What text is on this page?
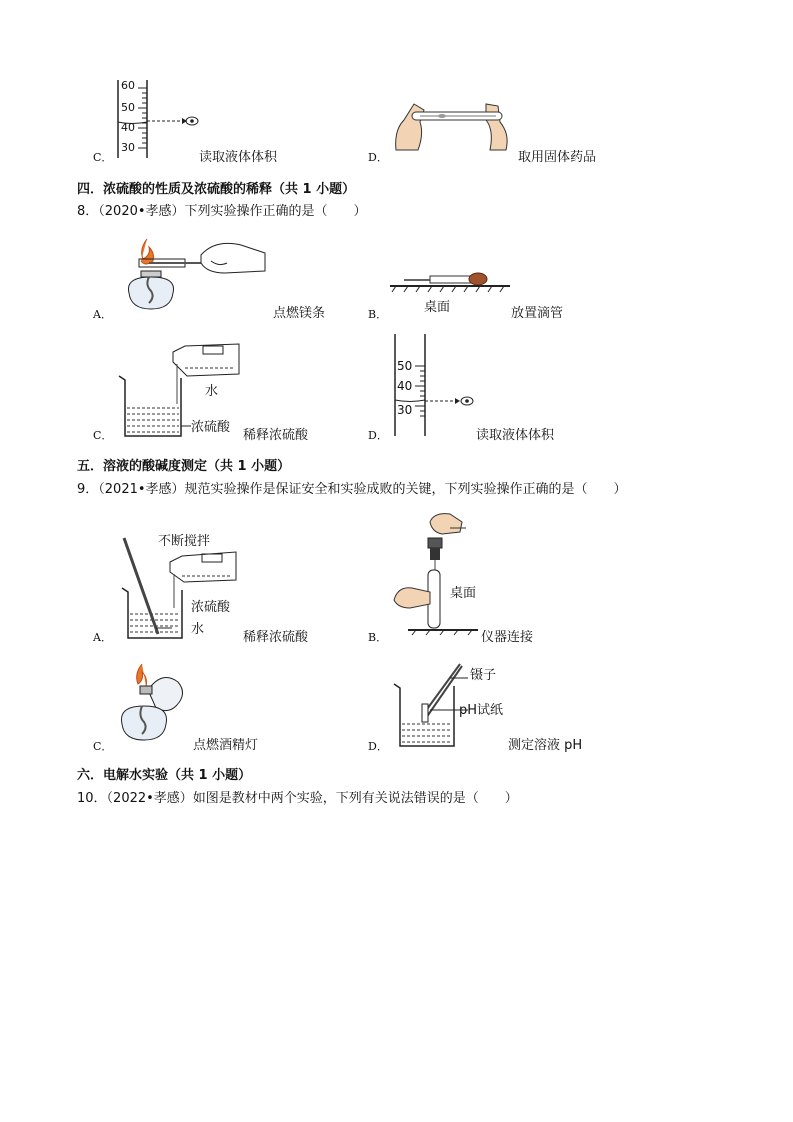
60
50
40
30
C．	读取液体体积	D．	取用固体药品
四．浓硫酸的性质及浓硫酸的稀释（共 1 小题）
8．（2020•孝感）下列实验操作正确的是（　　）
A．	点燃镁条	桌面
B．	放置滴管
水
浓硫酸
C．	稀释浓硫酸
50
40
30
D．	读取液体体积
五．溶液的酸碱度测定（共 1 小题）
9．（2021•孝感）规范实验操作是保证安全和实验成败的关键，下列实验操作正确的是（　　）
不断搅拌
浓硫酸
水
A．	稀释浓硫酸
桌面
B．	仪器连接
C．	点燃酒精灯
镊子
pH试纸
D．	测定溶液 pH
六．电解水实验（共 1 小题）
10．（2022•孝感）如图是教材中两个实验，下列有关说法错误的是（　　）
